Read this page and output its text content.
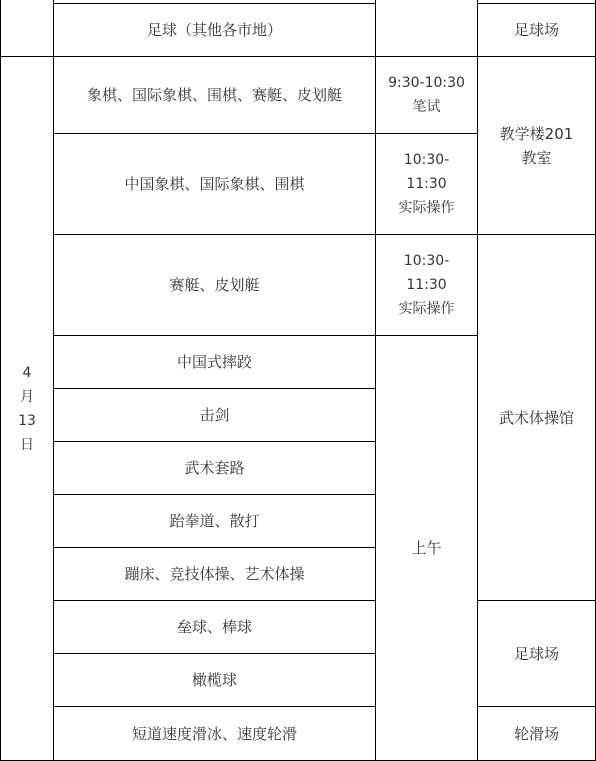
4
月
13
日
足球（其他各市地）
象棋、国际象棋、围棋、赛艇、皮划艇
中国象棋、国际象棋、围棋
赛艇、皮划艇
中国式摔跤
击剑
武术套路
跆拳道、散打
蹦床、竞技体操、艺术体操
垒球、棒球
橄榄球
短道速度滑冰、速度轮滑
9:30-10:30
笔试
10:30-
11:30
实际操作
10:30-
11:30
实际操作
上午
足球场
教学楼201教室
武术体操馆
足球场
轮滑场
